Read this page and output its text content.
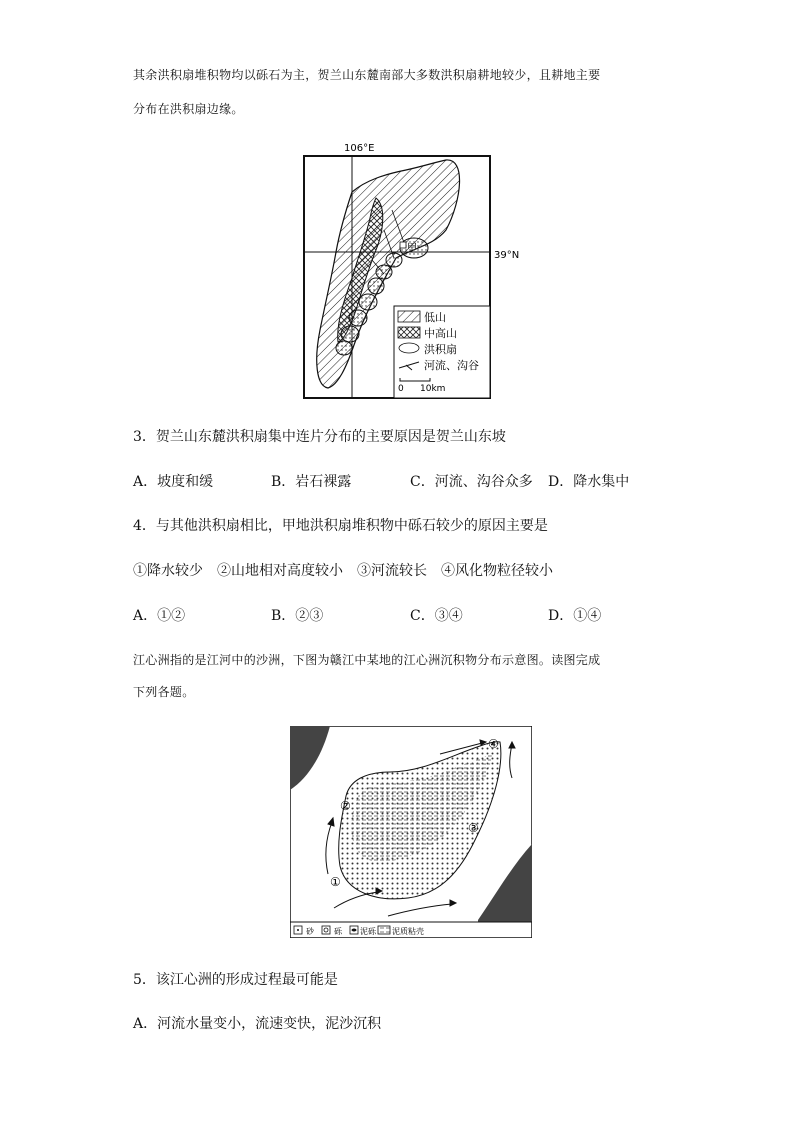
其余洪积扇堆积物均以砾石为主，贺兰山东麓南部大多数洪积扇耕地较少，且耕地主要
分布在洪积扇边缘。
106°E
甲
39°N
低山
中高山
洪积扇
河流、沟谷
0 10km
3．贺兰山东麓洪积扇集中连片分布的主要原因是贺兰山东坡
A．坡度和缓	B．岩石裸露	C．河流、沟谷众多 D．降水集中
4．与其他洪积扇相比，甲地洪积扇堆积物中砾石较少的原因主要是
①降水较少　②山地相对高度较小　③河流较长　④风化物粒径较小
A．①②	B．②③	C．③④	D．①④
江心洲指的是江河中的沙洲，下图为赣江中某地的江心洲沉积物分布示意图。读图完成
下列各题。
④
②
③
①
砂	砾 泥砾 泥质粘壳
5．该江心洲的形成过程最可能是
A．河流水量变小，流速变快，泥沙沉积
